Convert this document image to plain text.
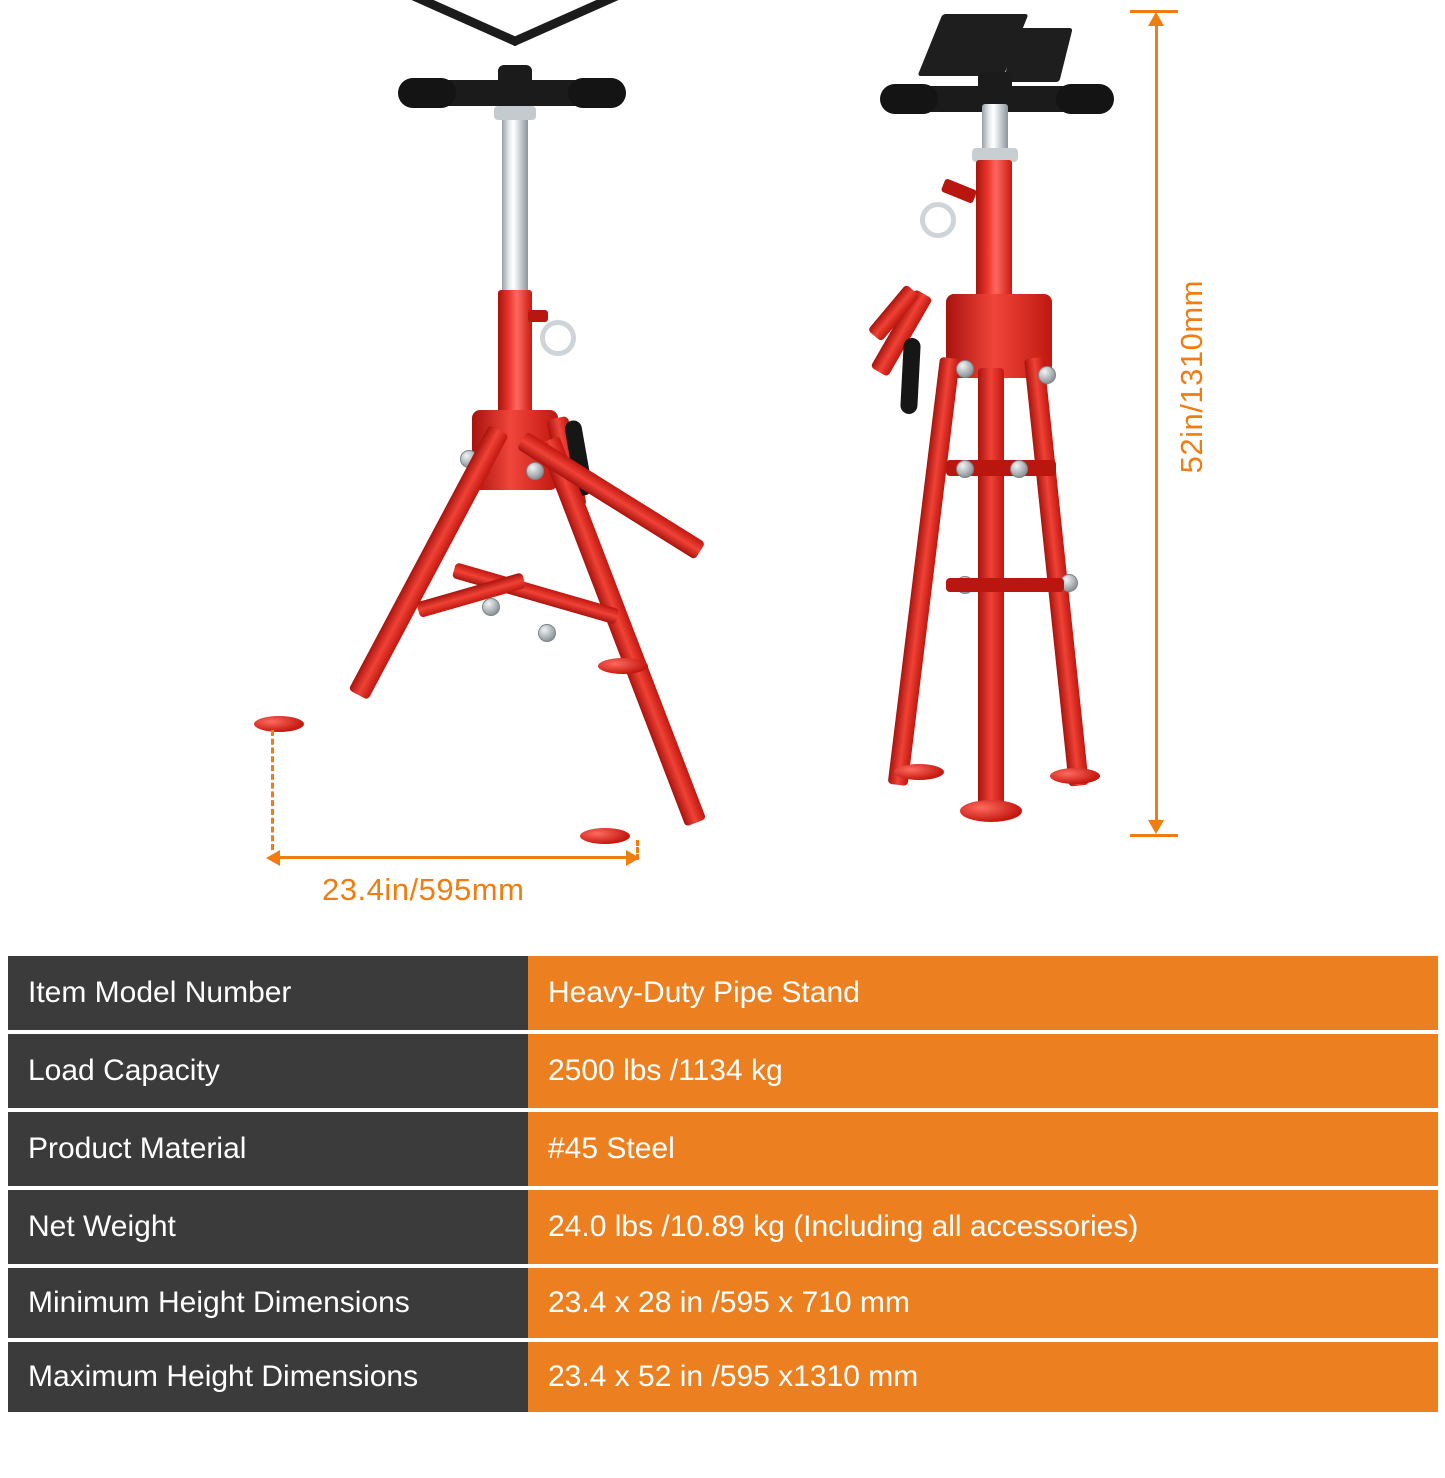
52in/1310mm
23.4in/595mm
Item Model Number	Heavy-Duty Pipe Stand
Load Capacity	2500 lbs /1134 kg
Product Material	#45 Steel
Net Weight	24.0 lbs /10.89 kg (Including all accessories)
Minimum Height Dimensions	23.4 x 28 in /595 x 710 mm
Maximum Height Dimensions	23.4 x 52 in /595 x1310 mm
